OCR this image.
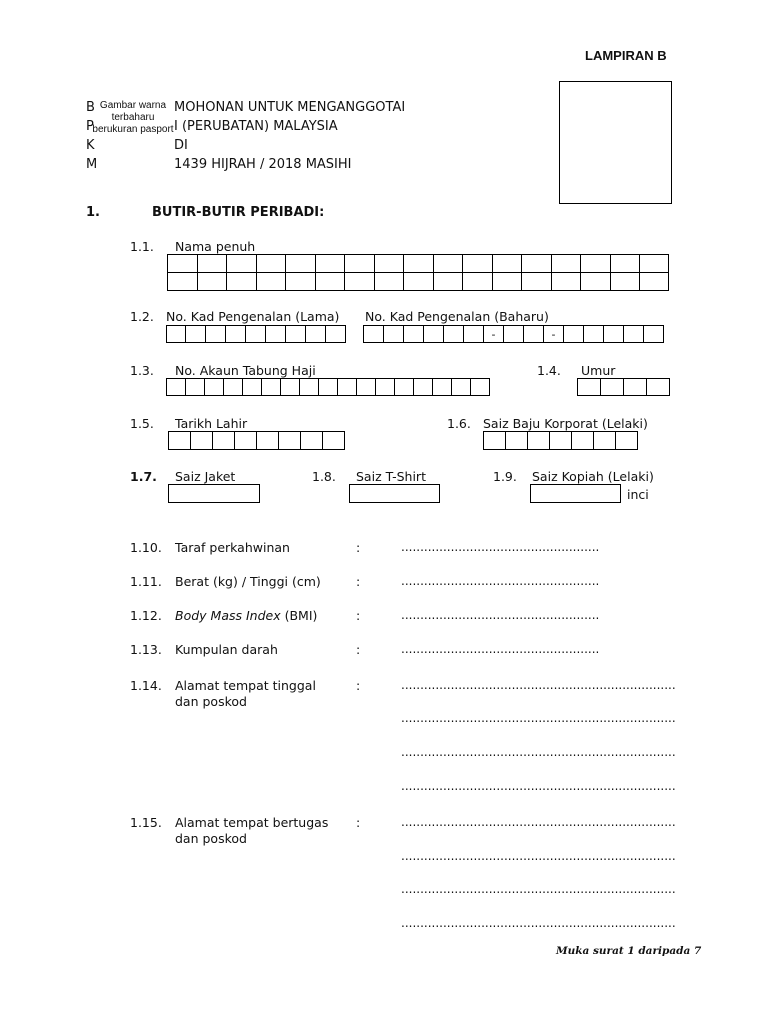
LAMPIRAN B
B
P
K
M
Gambar warna
terbaharu
berukuran pasport
MOHONAN UNTUK MENGANGGOTAI
I (PERUBATAN) MALAYSIA
DI
1439 HIJRAH / 2018 MASIHI
1.	BUTIR-BUTIR PERIBADI:
1.1. Nama penuh

1.2. No. Kad Pengenalan (Lama) No. Kad Pengenalan (Baharu)

						-			-					
1.3. No. Akaun Tabung Haji
																	1.4. Umur

1.5. Tarikh Lahir
								1.6. Saiz Baju Korporat (Lelaki)

1.7. Saiz Jaket	1.8. Saiz T-Shirt	1.9. Saiz Kopiah (Lelaki)
inci
1.10. Taraf perkahwinan	:	....................................................
1.11. Berat (kg) / Tinggi (cm)	:	....................................................
1.12. Body Mass Index (BMI)	:	....................................................
1.13. Kumpulan darah	:	....................................................
1.14. Alamat tempat tinggal
dan poskod
:	........................................................................
........................................................................
........................................................................
........................................................................
1.15. Alamat tempat bertugas
dan poskod
:	........................................................................
........................................................................
........................................................................
........................................................................
Muka surat 1 daripada 7
